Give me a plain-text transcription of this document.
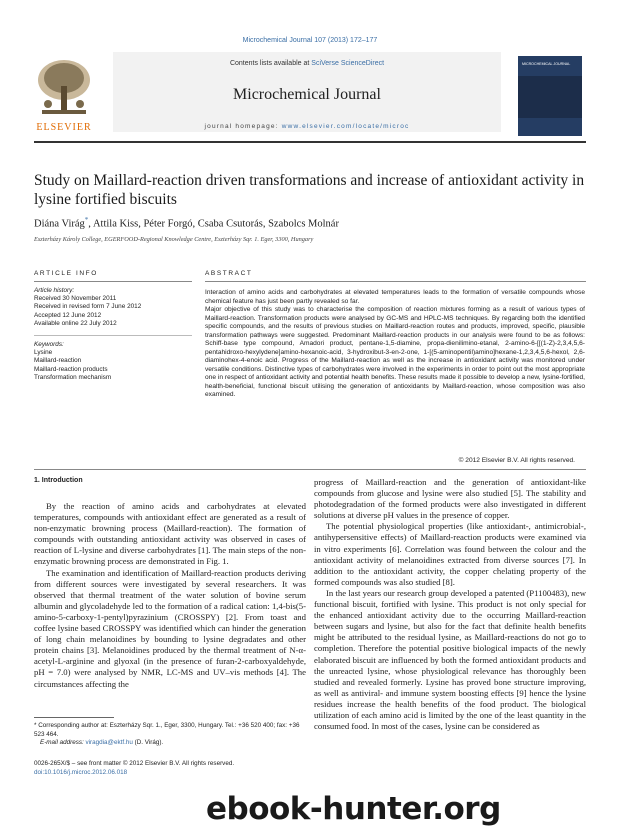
Microchemical Journal 107 (2013) 172–177
Contents lists available at SciVerse ScienceDirect
Microchemical Journal
journal homepage: www.elsevier.com/locate/microc
ELSEVIER
MICROCHEMICAL JOURNAL
Study on Maillard-reaction driven transformations and increase of antioxidant activity in lysine fortified biscuits
Diána Virág*, Attila Kiss, Péter Forgó, Csaba Csutorás, Szabolcs Molnár
Eszterházy Károly College, EGERFOOD-Regional Knowledge Centre, Eszterházy Sqr. 1. Eger, 3300, Hungary
ARTICLE INFO
Article history:
Received 30 November 2011
Received in revised form 7 June 2012
Accepted 12 June 2012
Available online 22 July 2012
Keywords:
Lysine
Maillard-reaction
Maillard-reaction products
Transformation mechanism
ABSTRACT
Interaction of amino acids and carbohydrates at elevated temperatures leads to the formation of versatile compounds whose chemical feature has just been partly revealed so far.
Major objective of this study was to characterise the composition of reaction mixtures forming as a result of various types of Maillard-reaction. Transformation products were analysed by GC-MS and HPLC-MS techniques. By regarding both the identified specific compounds, and the results of previous studies on Maillard-reaction routes and products, improved, specific, plausible transformation pathways were suggested. Predominant Maillard-reaction products in our analysis were found to be as follows: Schiff-base type compound, Amadori product, pentane-1,5-diamine, propa-dienilimino-etanal, 2-amino-6-[[(1-Z)-2,3,4,5,6-pentahidroxo-hexylydene]amino-hexanoic-acid, 3-hydroxibut-3-en-2-one, 1-[(5-aminopentil)amino]hexane-1,2,3,4,5,6-hexol, 2,6-diaminohex-4-enoic acid. Progress of the Maillard-reaction as well as the increase in antioxidant activity was monitored under versatile conditions. Distinctive types of carbohydrates were involved in the experiments in order to point out the most appropriate one in respect of antioxidant activity and potential health benefits. These results made it possible to develop a new, lysine-fortified, health-beneficial, functional biscuit utilising the generation of antioxidants by Maillard-reaction, whose composition was also examined.
© 2012 Elsevier B.V. All rights reserved.
1. Introduction

By the reaction of amino acids and carbohydrates at elevated temperatures, compounds with antioxidant effect are generated as a result of non-enzymatic browning process (Maillard-reaction). The formation of compounds with outstanding antioxidant activity was observed in cases of reaction of L-lysine and diverse carbohydrates [1]. The main steps of the non-enzymatic browning process are demonstrated in Fig. 1.

The examination and identification of Maillard-reaction products deriving from different sources were investigated by several researchers. It was observed that thermal treatment of the water solution of bovine serum albumin and glycoladehyde led to the formation of a radical cation: 1,4-bis(5-amino-5-carboxy-1-pentyl)pyrazinium (CROSSPY) [2]. From toast and coffee lysine based CROSSPY was identified which can hinder the generation of long chain melanoidines by bounding to lysine degradates and other protein chains [3]. Melanoidines produced by the thermal treatment of N-α-acetyl-L-arginine and glyoxal (in the presence of furan-2-carboxyaldehyde, pH = 7.0) were analysed by NMR, LC-MS and UV–vis methods [4]. The circumstances affecting the

progress of Maillard-reaction and the generation of antioxidant-like compounds from glucose and lysine were also studied [5]. The stability and photodegradation of the formed products were also investigated in different solutions at diverse pH values in the presence of copper.

The potential physiological properties (like antioxidant-, antimicrobial-, antihypersensitive effects) of Maillard-reaction products were examined via in vitro experiments [6]. Correlation was found between the colour and the antioxidant activity of melanoidines extracted from diverse sources [7]. In addition to the antioxidant activity, the copper chelating property of the formed compounds was also studied [8].

In the last years our research group developed a patented (P1100483), new functional biscuit, fortified with lysine. This product is not only special for the enhanced antioxidant activity due to the occurring Maillard-reaction between sugars and lysine, but also for the fact that definite health benefits might be attributed to the residual lysine, as Maillard-reactions do not go to completion. Therefore the potential positive biological impacts of the newly elaborated biscuit are influenced by both the formed antioxidant products and the unreacted lysine, whose physiological relevance has thoroughly been studied and revealed formerly. Lysine has proved bone structure improving, as well as antiviral- and immune system boosting effects [9] hence the lysine residues increase the health benefits of the food product. The biological utilization of each amino acid is limited by the one of the least quantity in the consumed food. In most of the cases, lysine can be considered as

* Corresponding author at: Eszterházy Sqr. 1., Eger, 3300, Hungary. Tel.: +36 520 400; fax: +36 523 464.
E-mail address: viragdia@ektf.hu (D. Virág).
0026-265X/$ – see front matter © 2012 Elsevier B.V. All rights reserved.
doi:10.1016/j.microc.2012.06.018
ebook-hunter.org
